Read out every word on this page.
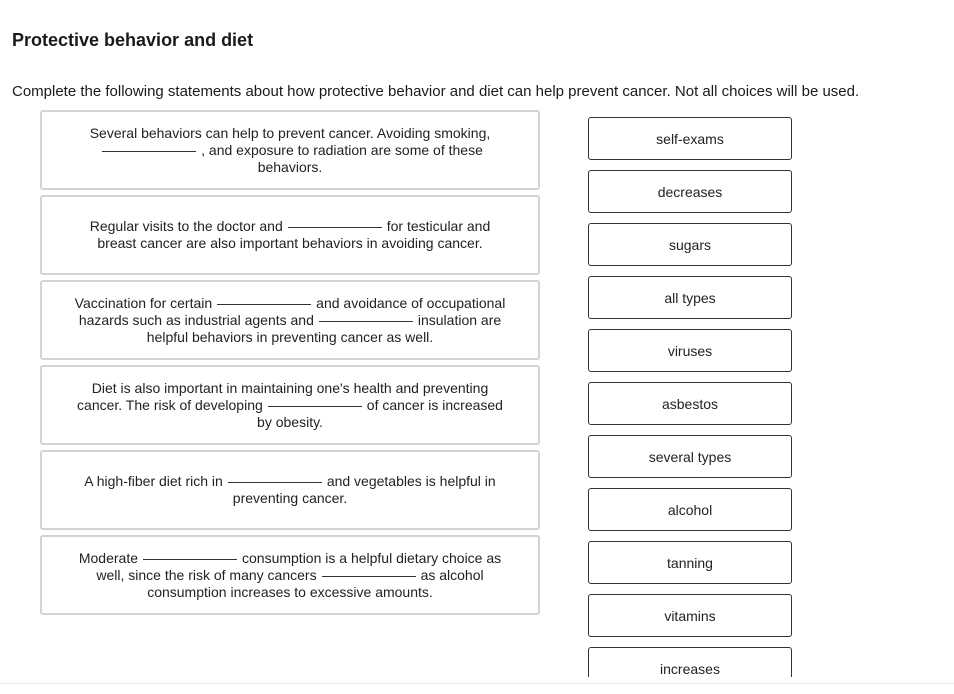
Protective behavior and diet

Complete the following statements about how protective behavior and diet can help prevent cancer. Not all choices will be used.

Several behaviors can help to prevent cancer. Avoiding smoking,
, and exposure to radiation are some of these behaviors.
Regular visits to the doctor and	for testicular and breast cancer are also important behaviors in avoiding cancer.
Vaccination for certain	and avoidance of occupational hazards such as industrial agents and	insulation are helpful behaviors in preventing cancer as well.
Diet is also important in maintaining one's health and preventing cancer. The risk of developing	of cancer is increased by obesity.
A high-fiber diet rich in	and vegetables is helpful in preventing cancer.
Moderate	consumption is a helpful dietary choice as well, since the risk of many cancers	as alcohol consumption increases to excessive amounts.
self-exams
decreases
sugars
all types
viruses
asbestos
several types
alcohol
tanning
vitamins
increases
